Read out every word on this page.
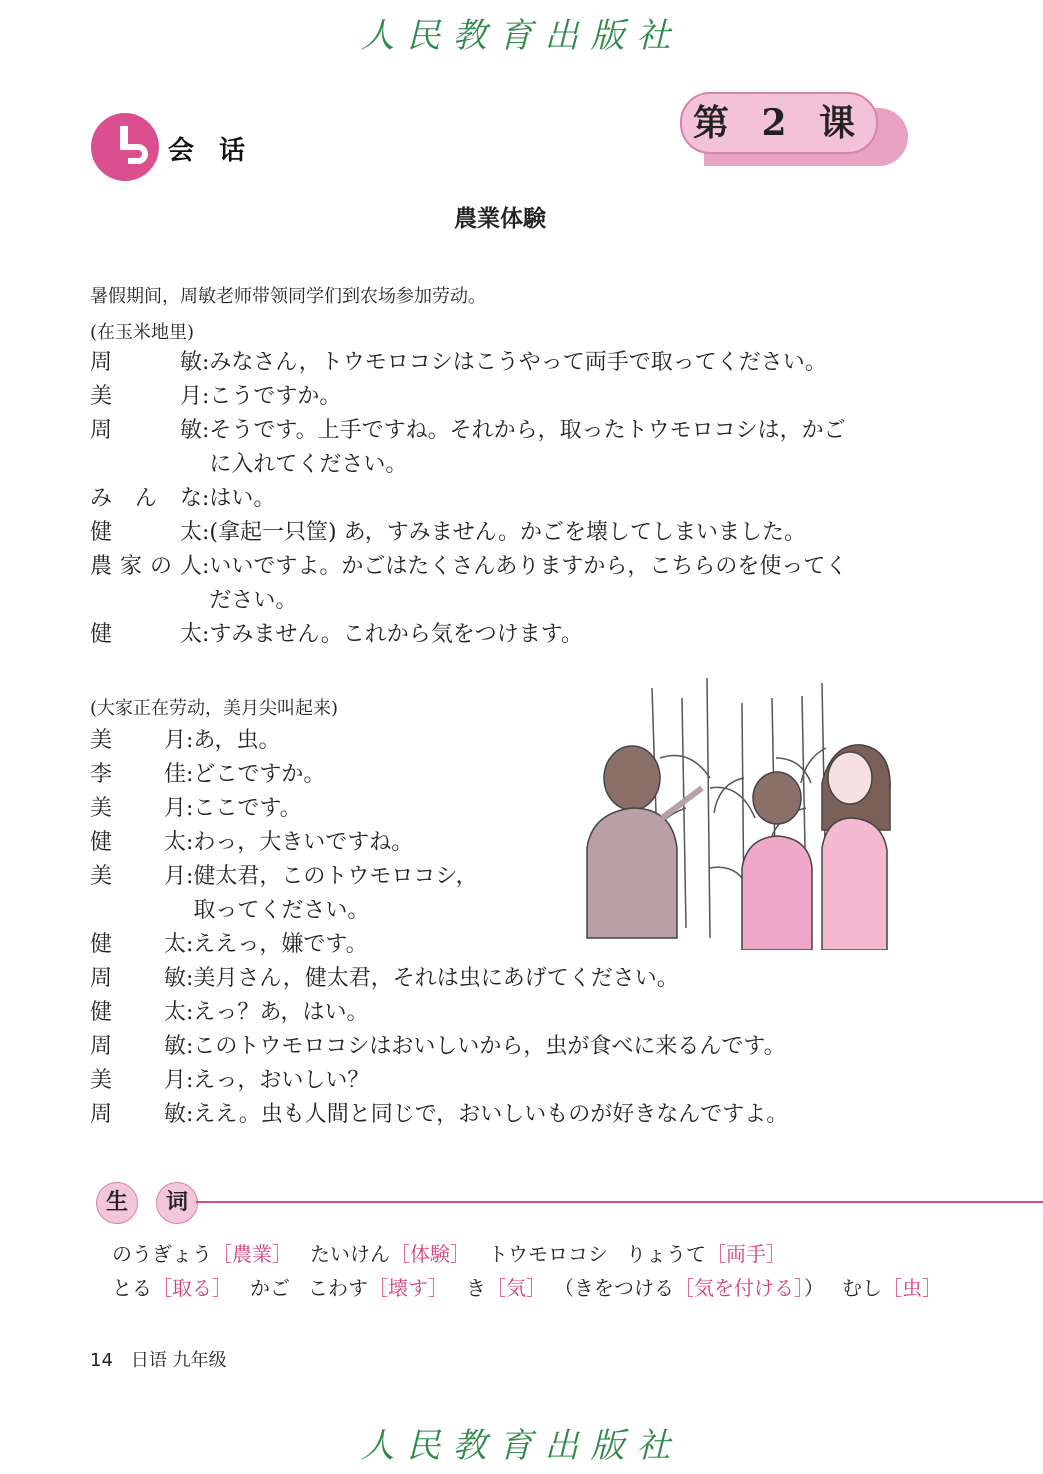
人民教育出版社
会 话
第 2 课
農業体験
暑假期间，周敏老师带领同学们到农场参加劳动。
(在玉米地里)
周敏:みなさん，トウモロコシはこうやって両手で取ってください。
美月:こうですか。
周敏:そうです。上手ですね。それから，取ったトウモロコシは，かご
に入れてください。
みんな:はい。
健太:(拿起一只筐) あ，すみません。かごを壊してしまいました。
農家の人:いいですよ。かごはたくさんありますから，こちらのを使ってく
ださい。
健太:すみません。これから気をつけます。
(大家正在劳动，美月尖叫起来)
美月:あ，虫。
李佳:どこですか。
美月:ここです。
健太:わっ，大きいですね。
美月:健太君，このトウモロコシ，
取ってください。
健太:ええっ，嫌です。
周敏:美月さん，健太君，それは虫にあげてください。
健太:えっ？あ，はい。
周敏:このトウモロコシはおいしいから，虫が食べに来るんです。
美月:えっ，おいしい？
周敏:ええ。虫も人間と同じで，おいしいものが好きなんですよ。
生 词
のうぎょう［農業］ たいけん［体験］ トウモロコシ りょうて［両手］
とる［取る］ かご こわす［壊す］ き［気］ （きをつける［気を付ける］） むし［虫］
14 日语 九年级
人民教育出版社
